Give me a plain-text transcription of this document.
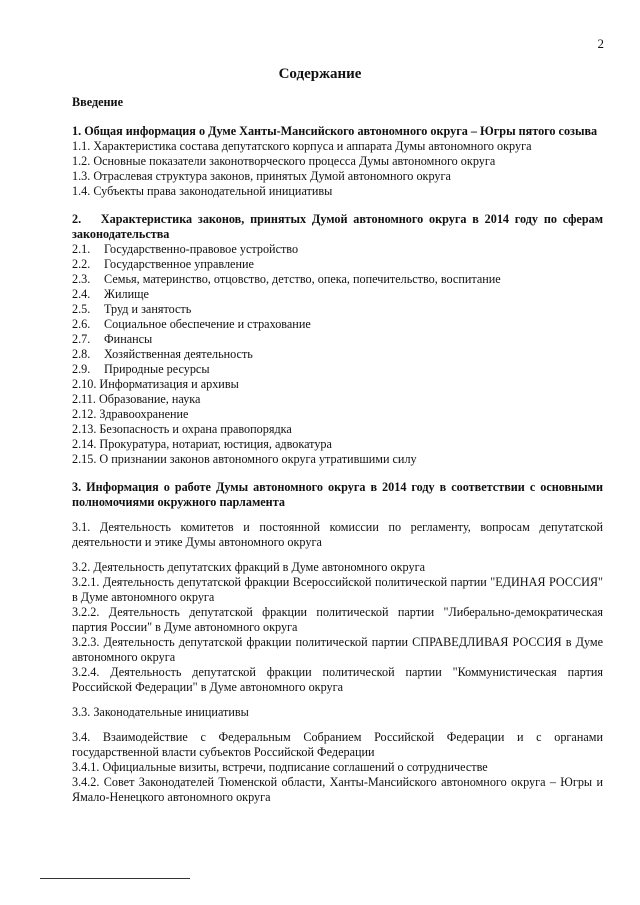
2
Содержание

Введение

1. Общая информация о Думе Ханты-Мансийского автономного округа – Югры пятого созыва

1.1. Характеристика состава депутатского корпуса и аппарата Думы автономного округа

1.2. Основные показатели законотворческого процесса Думы автономного округа

1.3. Отраслевая структура законов, принятых Думой автономного округа

1.4. Субъекты права законодательной инициативы

2. Характеристика законов, принятых Думой автономного округа в 2014 году по сферам законодательства

2.1. Государственно-правовое устройство

2.2. Государственное управление

2.3. Семья, материнство, отцовство, детство, опека, попечительство, воспитание

2.4. Жилище

2.5. Труд и занятость

2.6. Социальное обеспечение и страхование

2.7. Финансы

2.8. Хозяйственная деятельность

2.9. Природные ресурсы

2.10. Информатизация и архивы

2.11. Образование, наука

2.12. Здравоохранение

2.13. Безопасность и охрана правопорядка

2.14. Прокуратура, нотариат, юстиция, адвокатура

2.15. О признании законов автономного округа утратившими силу

3. Информация о работе Думы автономного округа в 2014 году в соответствии с основными полномочиями окружного парламента

3.1. Деятельность комитетов и постоянной комиссии по регламенту, вопросам депутатской деятельности и этике Думы автономного округа

3.2. Деятельность депутатских фракций в Думе автономного округа

3.2.1. Деятельность депутатской фракции Всероссийской политической партии "ЕДИНАЯ РОССИЯ" в Думе автономного округа

3.2.2. Деятельность депутатской фракции политической партии "Либерально-демократическая партия России" в Думе автономного округа

3.2.3. Деятельность депутатской фракции политической партии СПРАВЕДЛИВАЯ РОССИЯ в Думе автономного округа

3.2.4. Деятельность депутатской фракции политической партии "Коммунистическая партия Российской Федерации" в Думе автономного округа

3.3. Законодательные инициативы

3.4. Взаимодействие с Федеральным Собранием Российской Федерации и с органами государственной власти субъектов Российской Федерации

3.4.1. Официальные визиты, встречи, подписание соглашений о сотрудничестве

3.4.2. Совет Законодателей Тюменской области, Ханты-Мансийского автономного округа – Югры и Ямало-Ненецкого автономного округа
